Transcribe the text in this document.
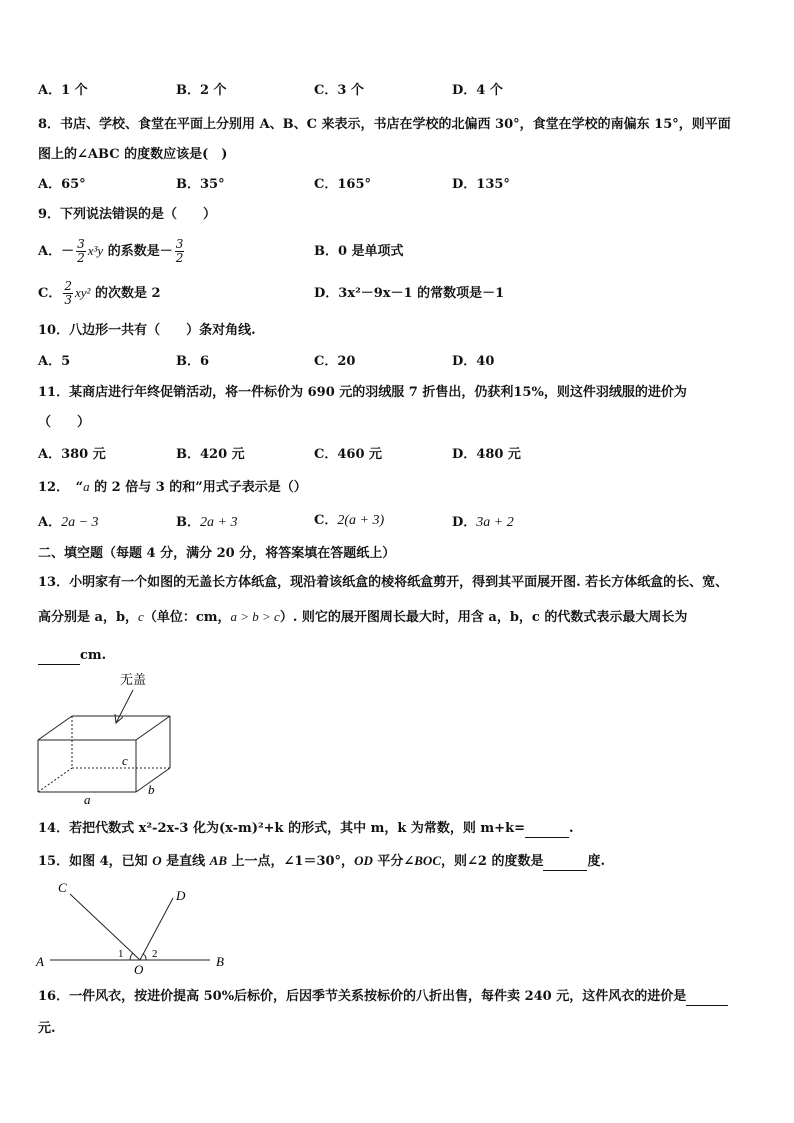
A．1 个	B．2 个	C．3 个	D．4 个
8．书店、学校、食堂在平面上分别用 A、B、C 来表示，书店在学校的北偏西 30°，食堂在学校的南偏东 15°，则平面
图上的∠ABC 的度数应该是(　)
A．65°	B．35°	C．165°	D．135°
9．下列说法错误的是（　　）
A．－ $\frac{3}{2} x^3y$ 的系数是－ $\frac{3}{2}$	B．0 是单项式
C． $\frac{2}{3} xy^2$ 的次数是 2	D．3x²－9x－1 的常数项是－1
10．八边形一共有（　　）条对角线.
A．5	B．6	C．20	D．40
11．某商店进行年终促销活动，将一件标价为 690 元的羽绒服 7 折售出，仍获利15%，则这件羽绒服的进价为
（　　）
A．380 元	B．420 元	C．460 元	D．480 元
12．　“a 的 2 倍与 3 的和”用式子表示是（）
A．2a − 3	B．2a + 3	C．2(a + 3)	D．3a + 2
二、填空题（每题 4 分，满分 20 分，将答案填在答题纸上）
13．小明家有一个如图的无盖长方体纸盒，现沿着该纸盒的棱将纸盒剪开，得到其平面展开图. 若长方体纸盒的长、宽、
高分别是 a，b，c（单位：cm，a > b > c）. 则它的展开图周长最大时，用含 a，b，c 的代数式表示最大周长为
cm.
无盖
a
b
c
14．若把代数式 x²-2x-3 化为(x-m)²+k 的形式，其中 m，k 为常数，则 m+k=	.
15．如图 4，已知 O 是直线 AB 上一点，∠1＝30°，OD 平分∠BOC，则∠2 的度数是	度.
A	B
C
D
O
1	2
16．一件风衣，按进价提高 50%后标价，后因季节关系按标价的八折出售，每件卖 240 元，这件风衣的进价是
元.
